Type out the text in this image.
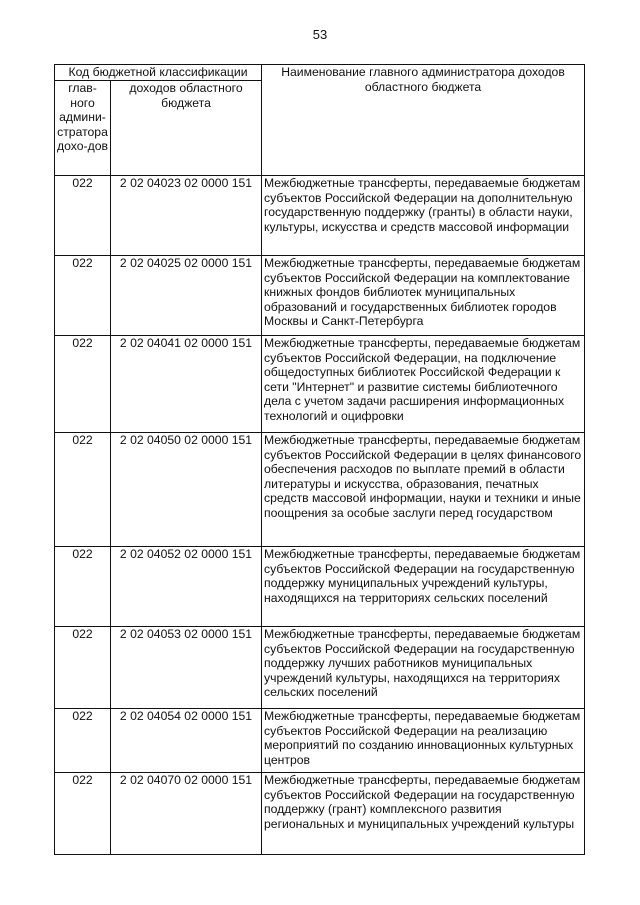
53
Код бюджетной классификации		Наименование главного администратора доходов областного бюджета
глав-ного админи-стратора дохо-дов	доходов областного бюджета	
022	2 02 04023 02 0000 151	Межбюджетные трансферты, передаваемые бюджетам субъектов Российской Федерации на дополнительную государственную поддержку (гранты) в области науки, культуры, искусства и средств массовой информации
022	2 02 04025 02 0000 151	Межбюджетные трансферты, передаваемые бюджетам субъектов Российской Федерации на комплектование книжных фондов библиотек муниципальных образований и государственных библиотек городов Москвы и Санкт-Петербурга
022	2 02 04041 02 0000 151	Межбюджетные трансферты, передаваемые бюджетам субъектов Российской Федерации, на подключение общедоступных библиотек Российской Федерации к сети "Интернет" и развитие системы библиотечного дела с учетом задачи расширения информационных технологий и оцифровки
022	2 02 04050 02 0000 151	Межбюджетные трансферты, передаваемые бюджетам субъектов Российской Федерации в целях финансового обеспечения расходов по выплате премий в области литературы и искусства, образования, печатных средств массовой информации, науки и техники и иные поощрения за особые заслуги перед государством
022	2 02 04052 02 0000 151	Межбюджетные трансферты, передаваемые бюджетам субъектов Российской Федерации на государственную поддержку муниципальных учреждений культуры, находящихся на территориях сельских поселений
022	2 02 04053 02 0000 151	Межбюджетные трансферты, передаваемые бюджетам субъектов Российской Федерации на государственную поддержку лучших работников муниципальных учреждений культуры, находящихся на территориях сельских поселений
022	2 02 04054 02 0000 151	Межбюджетные трансферты, передаваемые бюджетам субъектов Российской Федерации на реализацию мероприятий по созданию инновационных культурных центров
022	2 02 04070 02 0000 151	Межбюджетные трансферты, передаваемые бюджетам субъектов Российской Федерации на государственную поддержку (грант) комплексного развития региональных и муниципальных учреждений культуры
